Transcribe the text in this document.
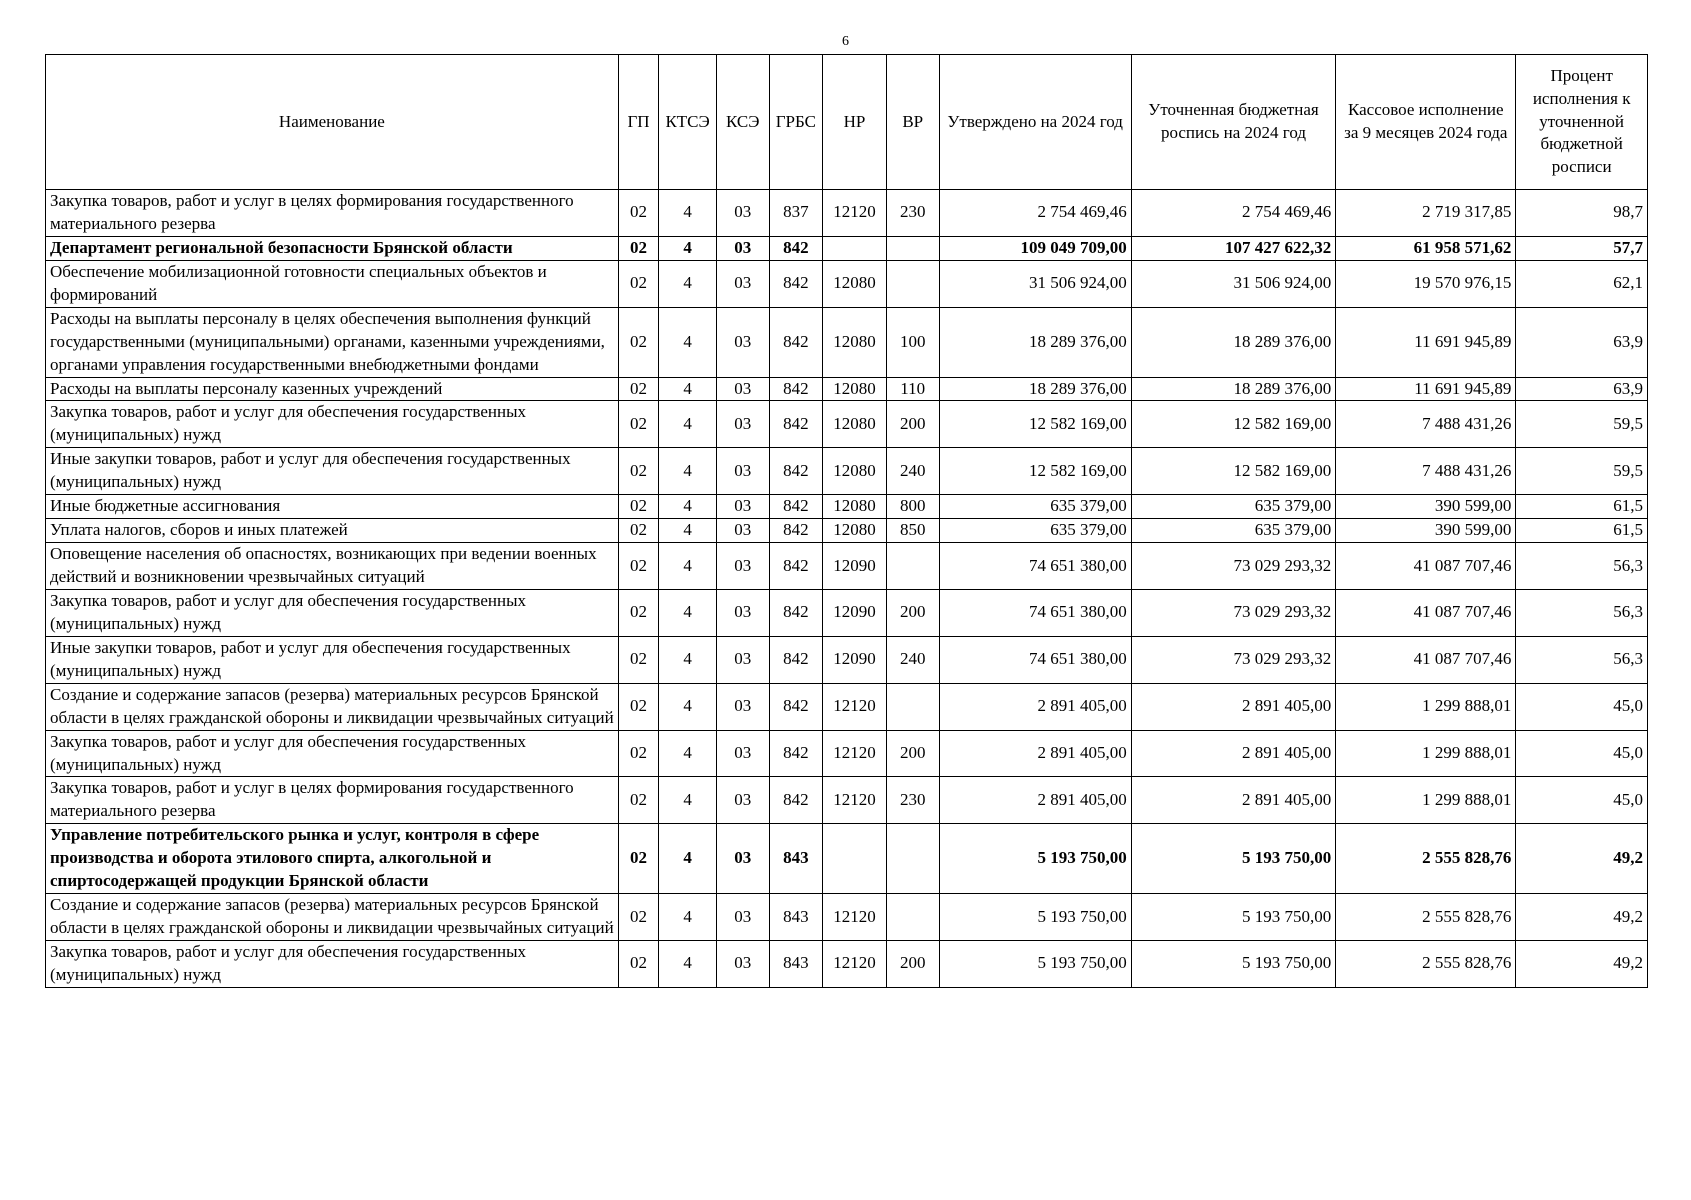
6
Наименование	ГП	КТСЭ	КСЭ	ГРБС	НР	ВР	Утверждено на 2024 год	Уточненная бюджетная роспись на 2024 год	Кассовое исполнение за 9 месяцев 2024 года	Процент исполнения к уточненной бюджетной росписи
Закупка товаров, работ и услуг в целях формирования государственного материального резерва	02	4	03	837	12120	230	2 754 469,46	2 754 469,46	2 719 317,85	98,7
Департамент региональной безопасности Брянской области	02	4	03	842			109 049 709,00	107 427 622,32	61 958 571,62	57,7
Обеспечение мобилизационной готовности специальных объектов и формирований	02	4	03	842	12080		31 506 924,00	31 506 924,00	19 570 976,15	62,1
Расходы на выплаты персоналу в целях обеспечения выполнения функций государственными (муниципальными) органами, казенными учреждениями, органами управления государственными внебюджетными фондами	02	4	03	842	12080	100	18 289 376,00	18 289 376,00	11 691 945,89	63,9
Расходы на выплаты персоналу казенных учреждений	02	4	03	842	12080	110	18 289 376,00	18 289 376,00	11 691 945,89	63,9
Закупка товаров, работ и услуг для обеспечения государственных (муниципальных) нужд	02	4	03	842	12080	200	12 582 169,00	12 582 169,00	7 488 431,26	59,5
Иные закупки товаров, работ и услуг для обеспечения государственных (муниципальных) нужд	02	4	03	842	12080	240	12 582 169,00	12 582 169,00	7 488 431,26	59,5
Иные бюджетные ассигнования	02	4	03	842	12080	800	635 379,00	635 379,00	390 599,00	61,5
Уплата налогов, сборов и иных платежей	02	4	03	842	12080	850	635 379,00	635 379,00	390 599,00	61,5
Оповещение населения об опасностях, возникающих при ведении военных действий и возникновении чрезвычайных ситуаций	02	4	03	842	12090		74 651 380,00	73 029 293,32	41 087 707,46	56,3
Закупка товаров, работ и услуг для обеспечения государственных (муниципальных) нужд	02	4	03	842	12090	200	74 651 380,00	73 029 293,32	41 087 707,46	56,3
Иные закупки товаров, работ и услуг для обеспечения государственных (муниципальных) нужд	02	4	03	842	12090	240	74 651 380,00	73 029 293,32	41 087 707,46	56,3
Создание и содержание запасов (резерва) материальных ресурсов Брянской области в целях гражданской обороны и ликвидации чрезвычайных ситуаций	02	4	03	842	12120		2 891 405,00	2 891 405,00	1 299 888,01	45,0
Закупка товаров, работ и услуг для обеспечения государственных (муниципальных) нужд	02	4	03	842	12120	200	2 891 405,00	2 891 405,00	1 299 888,01	45,0
Закупка товаров, работ и услуг в целях формирования государственного материального резерва	02	4	03	842	12120	230	2 891 405,00	2 891 405,00	1 299 888,01	45,0
Управление потребительского рынка и услуг, контроля в сфере производства и оборота этилового спирта, алкогольной и спиртосодержащей продукции Брянской области	02	4	03	843			5 193 750,00	5 193 750,00	2 555 828,76	49,2
Создание и содержание запасов (резерва) материальных ресурсов Брянской области в целях гражданской обороны и ликвидации чрезвычайных ситуаций	02	4	03	843	12120		5 193 750,00	5 193 750,00	2 555 828,76	49,2
Закупка товаров, работ и услуг для обеспечения государственных (муниципальных) нужд	02	4	03	843	12120	200	5 193 750,00	5 193 750,00	2 555 828,76	49,2
